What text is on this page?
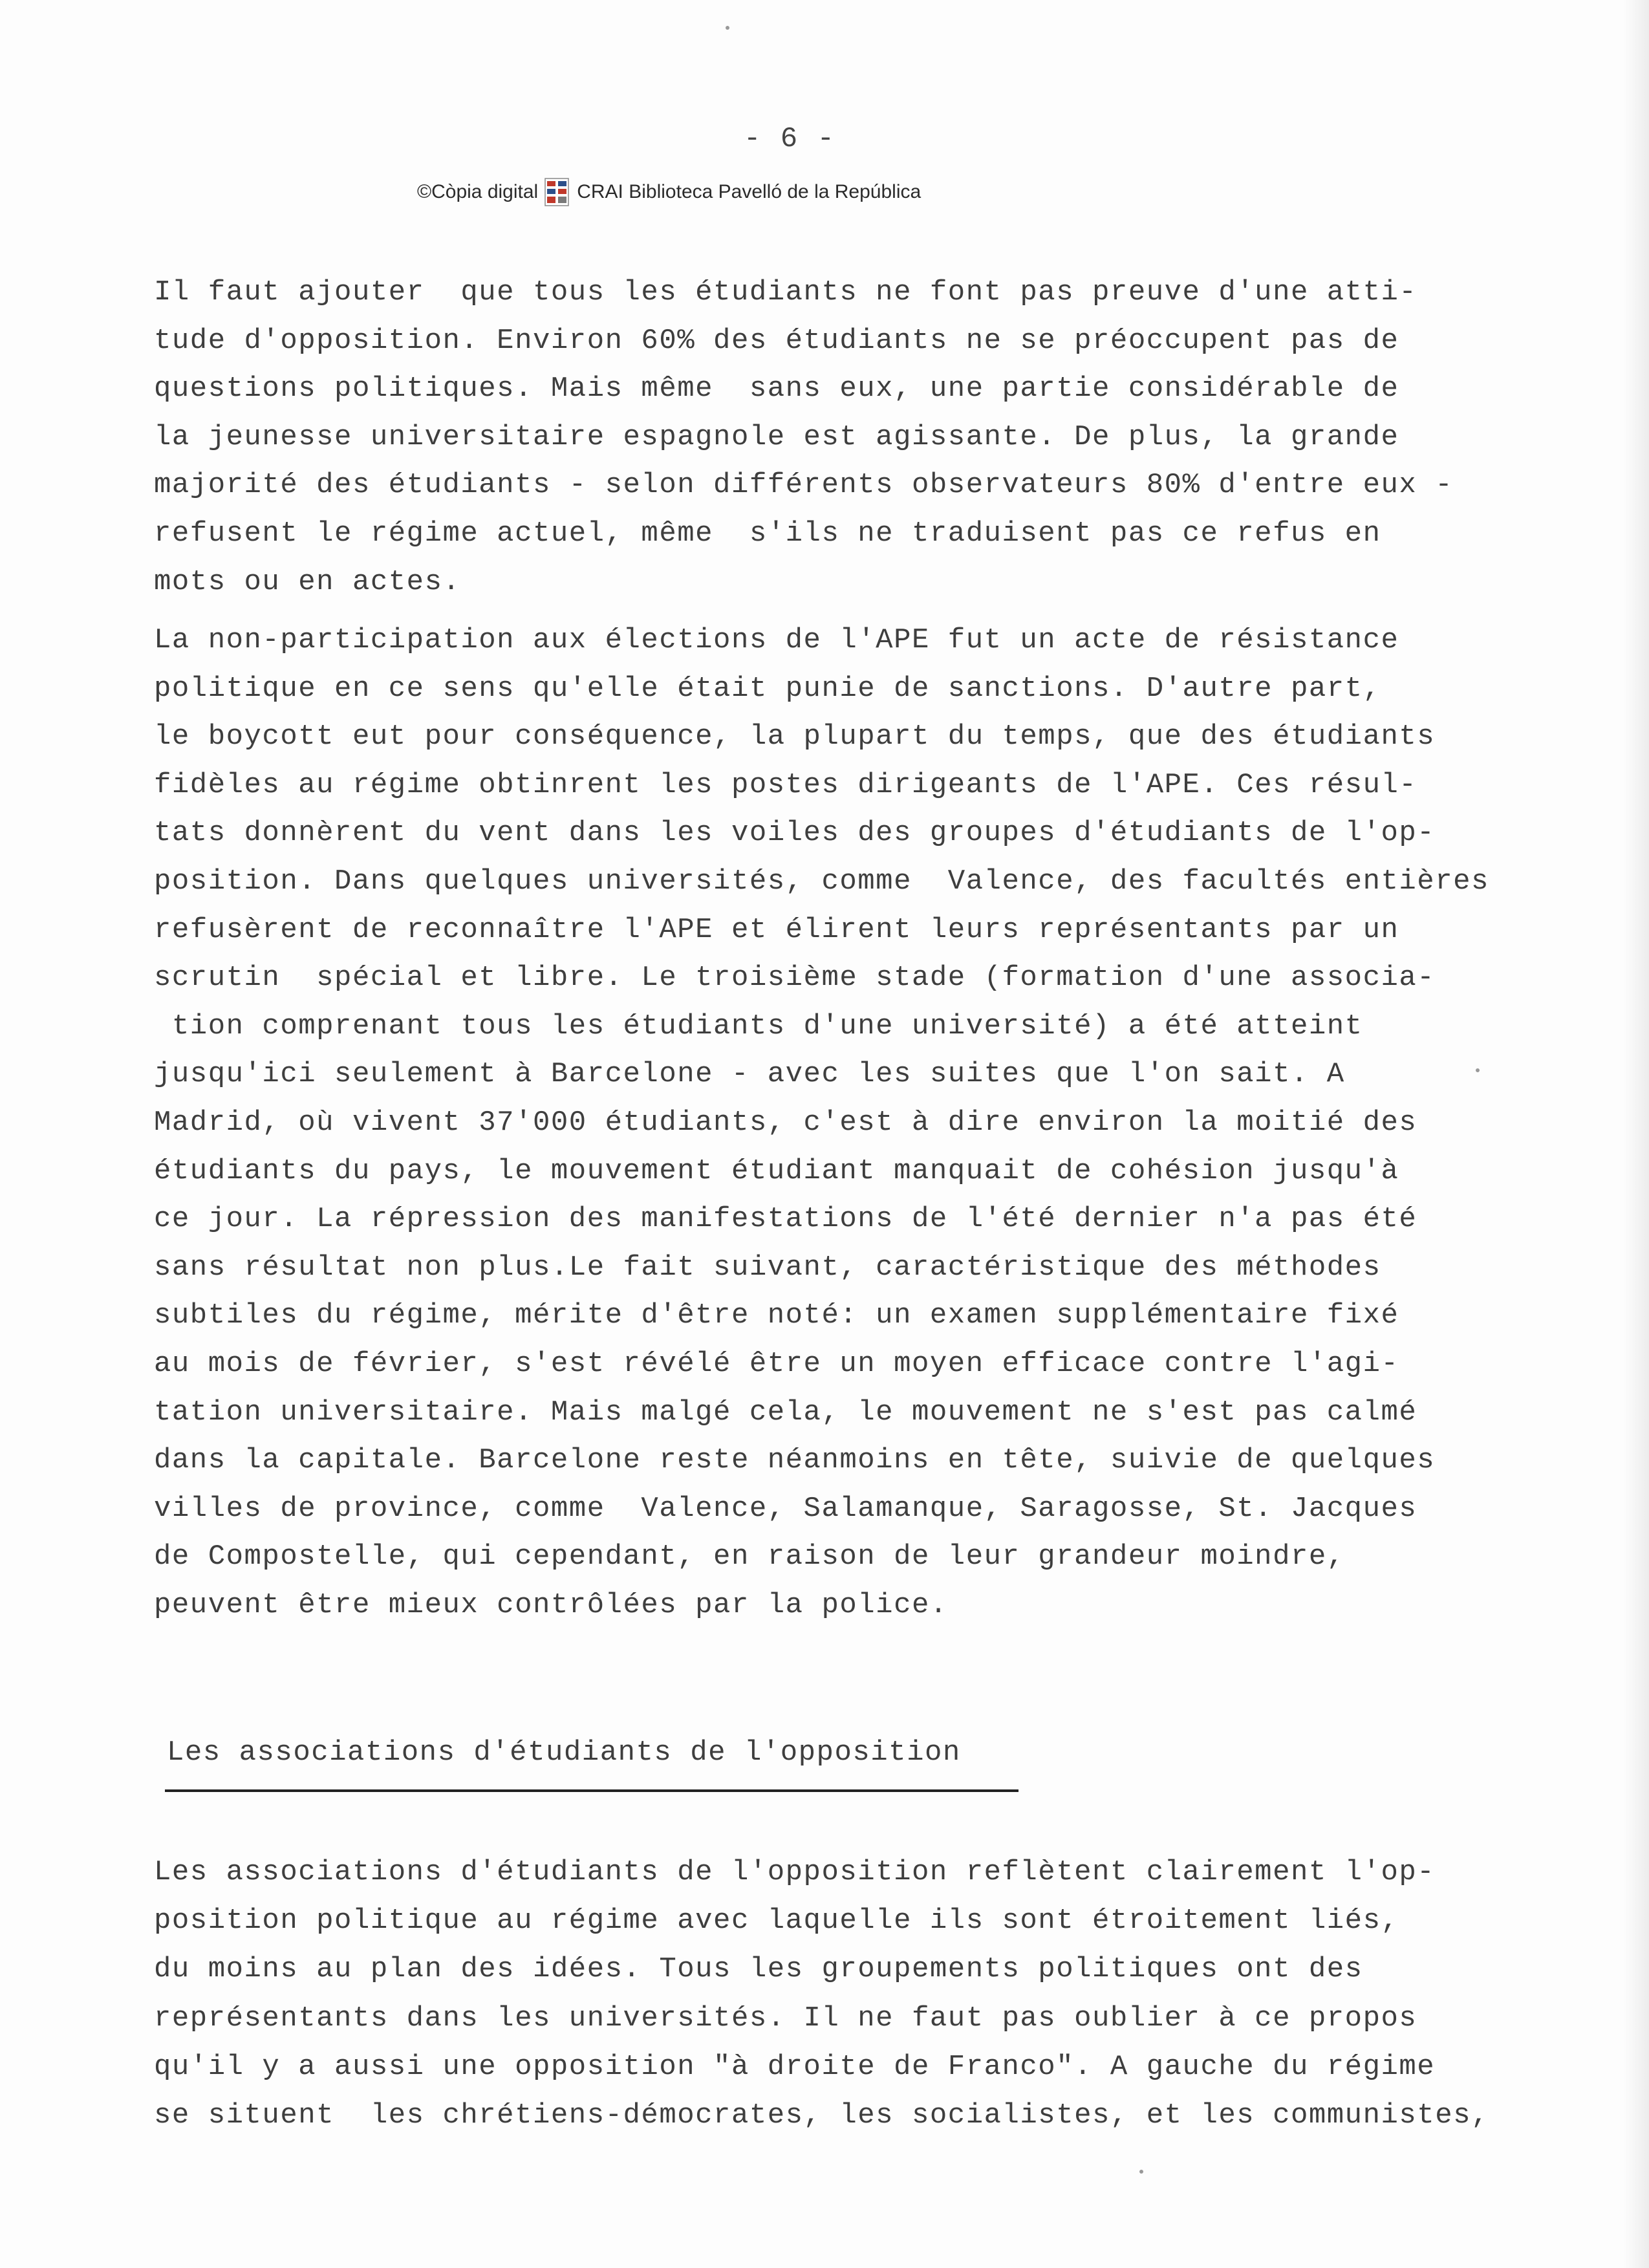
- 6 -
©Còpia digital CRAI Biblioteca Pavelló de la República
Il faut ajouter  que tous les étudiants ne font pas preuve d'une atti-
tude d'opposition. Environ 60% des étudiants ne se préoccupent pas de
questions politiques. Mais même  sans eux, une partie considérable de
la jeunesse universitaire espagnole est agissante. De plus, la grande
majorité des étudiants - selon différents observateurs 80% d'entre eux -
refusent le régime actuel, même  s'ils ne traduisent pas ce refus en
mots ou en actes.
La non-participation aux élections de l'APE fut un acte de résistance
politique en ce sens qu'elle était punie de sanctions. D'autre part,
le boycott eut pour conséquence, la plupart du temps, que des étudiants
fidèles au régime obtinrent les postes dirigeants de l'APE. Ces résul-
tats donnèrent du vent dans les voiles des groupes d'étudiants de l'op-
position. Dans quelques universités, comme  Valence, des facultés entières
refusèrent de reconnaître l'APE et élirent leurs représentants par un
scrutin  spécial et libre. Le troisième stade (formation d'une associa-
tion comprenant tous les étudiants d'une université) a été atteint
jusqu'ici seulement à Barcelone - avec les suites que l'on sait. A
Madrid, où vivent 37'000 étudiants, c'est à dire environ la moitié des
étudiants du pays, le mouvement étudiant manquait de cohésion jusqu'à
ce jour. La répression des manifestations de l'été dernier n'a pas été
sans résultat non plus.Le fait suivant, caractéristique des méthodes
subtiles du régime, mérite d'être noté: un examen supplémentaire fixé
au mois de février, s'est révélé être un moyen efficace contre l'agi-
tation universitaire. Mais malgé cela, le mouvement ne s'est pas calmé
dans la capitale. Barcelone reste néanmoins en tête, suivie de quelques
villes de province, comme  Valence, Salamanque, Saragosse, St. Jacques
de Compostelle, qui cependant, en raison de leur grandeur moindre,
peuvent être mieux contrôlées par la police.
Les associations d'étudiants de l'opposition
Les associations d'étudiants de l'opposition reflètent clairement l'op-
position politique au régime avec laquelle ils sont étroitement liés,
du moins au plan des idées. Tous les groupements politiques ont des
représentants dans les universités. Il ne faut pas oublier à ce propos
qu'il y a aussi une opposition "à droite de Franco". A gauche du régime
se situent  les chrétiens-démocrates, les socialistes, et les communistes,
